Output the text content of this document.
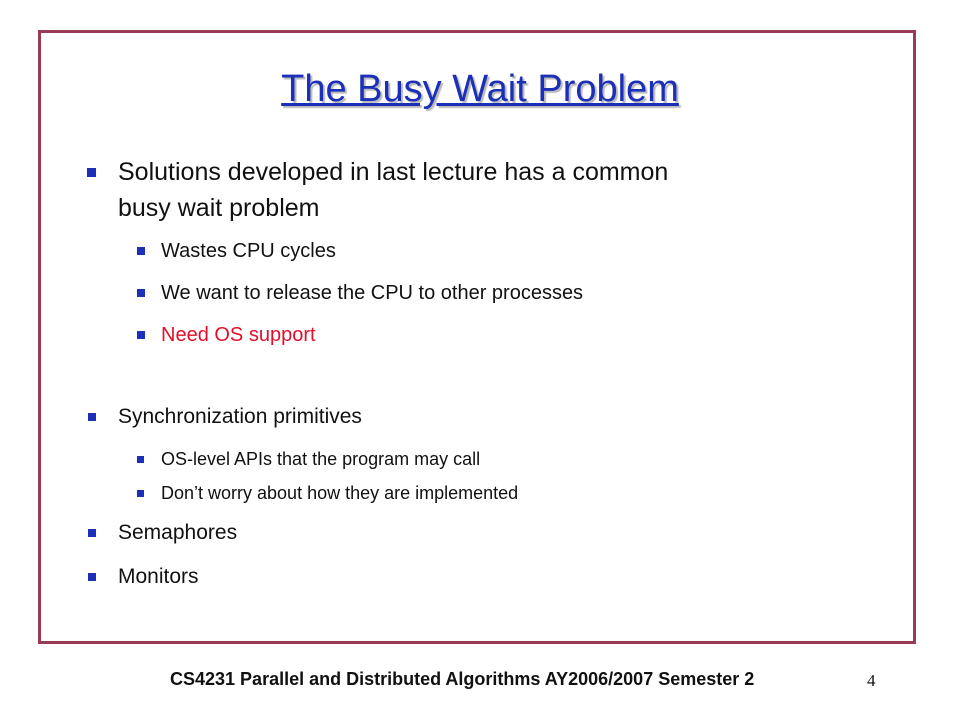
The Busy Wait Problem
Solutions developed in last lecture has a common
busy wait problem
Wastes CPU cycles
We want to release the CPU to other processes
Need OS support
Synchronization primitives
OS-level APIs that the program may call
Don’t worry about how they are implemented
Semaphores
Monitors
CS4231 Parallel and Distributed Algorithms AY2006/2007 Semester 2	4
